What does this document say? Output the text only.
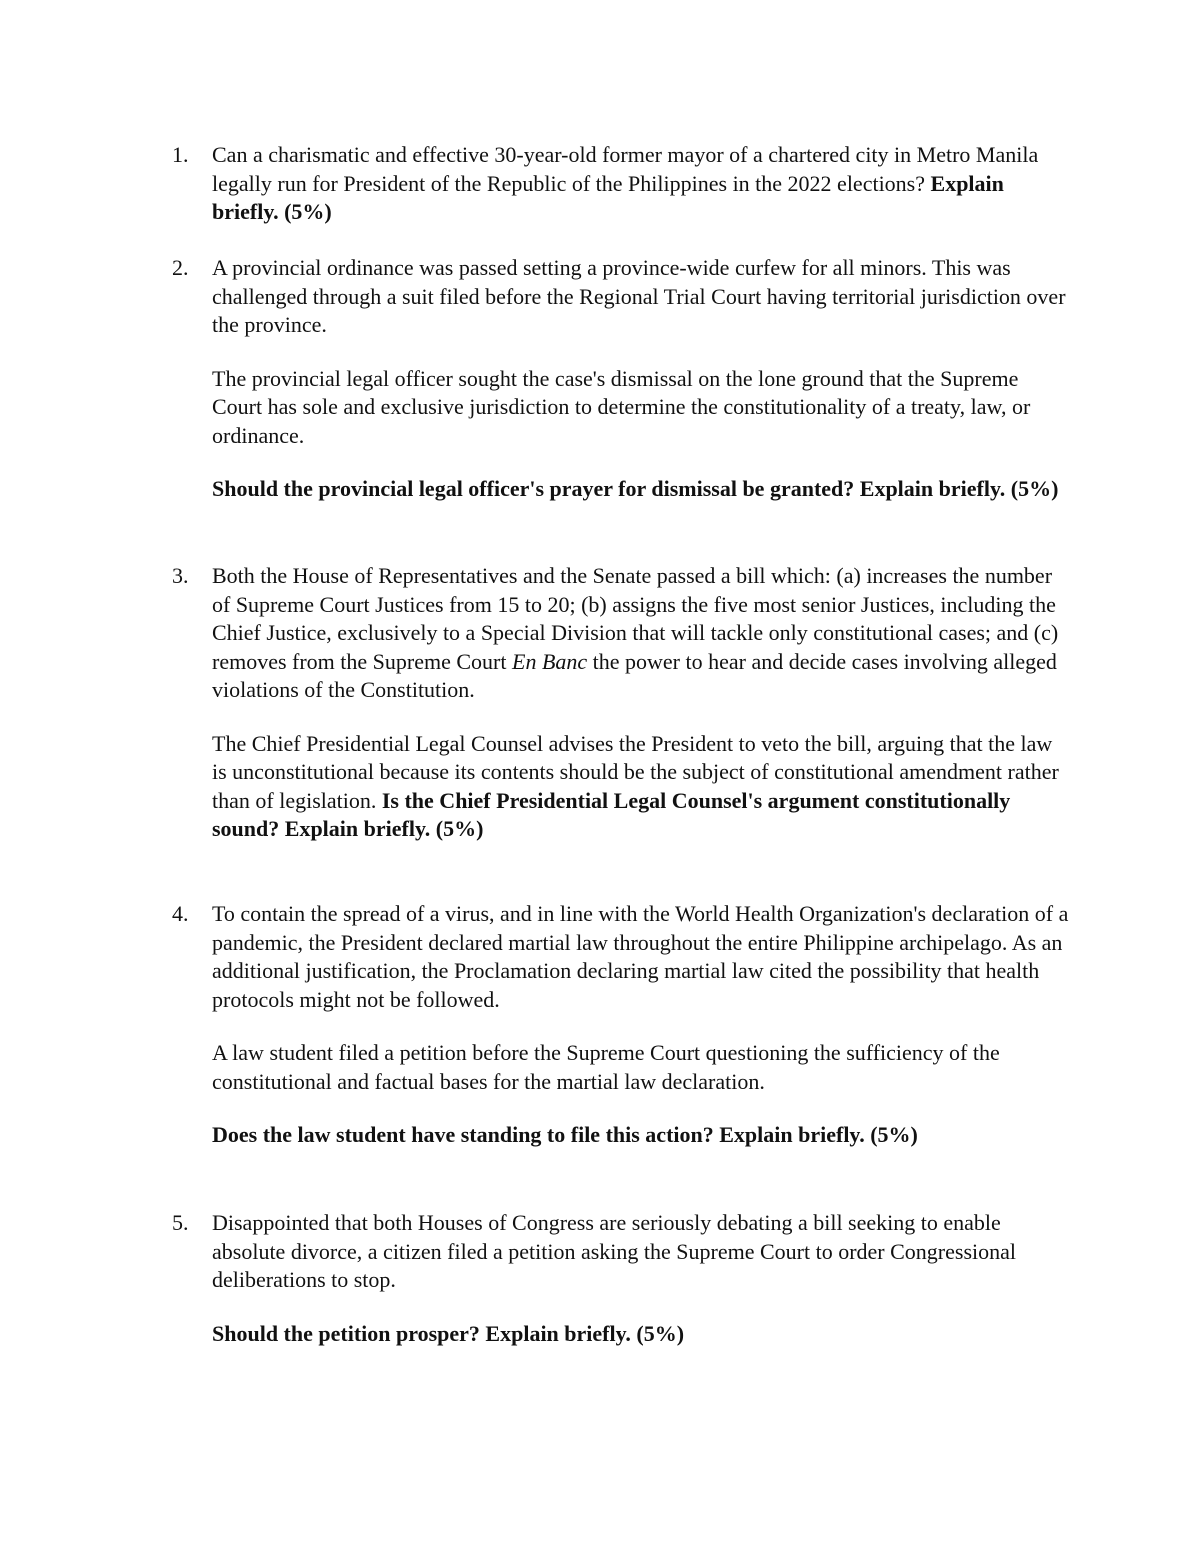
1. Can a charismatic and effective 30-year-old former mayor of a chartered city in Metro Manila legally run for President of the Republic of the Philippines in the 2022 elections? Explain briefly. (5%)

2. A provincial ordinance was passed setting a province-wide curfew for all minors. This was challenged through a suit filed before the Regional Trial Court having territorial jurisdiction over the province.

The provincial legal officer sought the case's dismissal on the lone ground that the Supreme Court has sole and exclusive jurisdiction to determine the constitutionality of a treaty, law, or ordinance.

Should the provincial legal officer's prayer for dismissal be granted? Explain briefly. (5%)

3. Both the House of Representatives and the Senate passed a bill which: (a) increases the number of Supreme Court Justices from 15 to 20; (b) assigns the five most senior Justices, including the Chief Justice, exclusively to a Special Division that will tackle only constitutional cases; and (c) removes from the Supreme Court En Banc the power to hear and decide cases involving alleged violations of the Constitution.

The Chief Presidential Legal Counsel advises the President to veto the bill, arguing that the law is unconstitutional because its contents should be the subject of constitutional amendment rather than of legislation. Is the Chief Presidential Legal Counsel's argument constitutionally sound? Explain briefly. (5%)

4. To contain the spread of a virus, and in line with the World Health Organization's declaration of a pandemic, the President declared martial law throughout the entire Philippine archipelago. As an additional justification, the Proclamation declaring martial law cited the possibility that health protocols might not be followed.

A law student filed a petition before the Supreme Court questioning the sufficiency of the constitutional and factual bases for the martial law declaration.

Does the law student have standing to file this action? Explain briefly. (5%)

5. Disappointed that both Houses of Congress are seriously debating a bill seeking to enable absolute divorce, a citizen filed a petition asking the Supreme Court to order Congressional deliberations to stop.

Should the petition prosper? Explain briefly. (5%)
